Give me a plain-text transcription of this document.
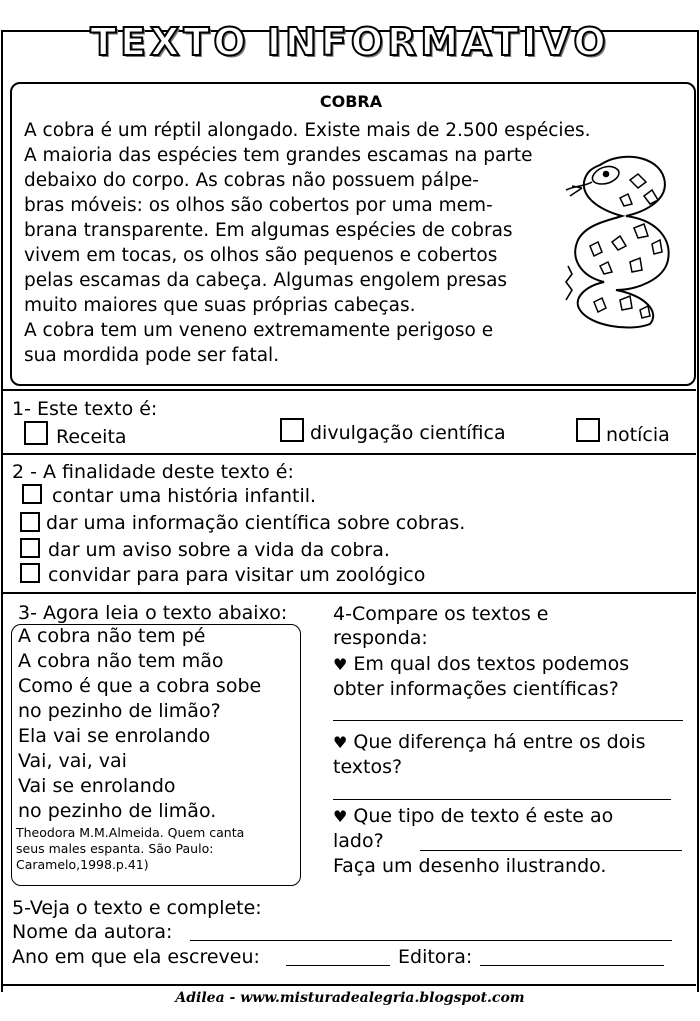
TEXTO INFORMATIVO
COBRA
A cobra é um réptil alongado. Existe mais de 2.500 espécies.
A maioria das espécies tem grandes escamas na parte
debaixo do corpo. As cobras não possuem pálpe-
bras móveis: os olhos são cobertos por uma mem-
brana transparente. Em algumas espécies de cobras
vivem em tocas, os olhos são pequenos e cobertos
pelas escamas da cabeça. Algumas engolem presas
muito maiores que suas próprias cabeças.
A cobra tem um veneno extremamente perigoso e
sua mordida pode ser fatal.
1- Este texto é:
Receita	divulgação científica	notícia
2 - A finalidade deste texto é:
contar uma história infantil.
dar uma informação científica sobre cobras.
dar um aviso sobre a vida da cobra.
convidar para para visitar um zoológico
3- Agora leia o texto abaixo:
A cobra não tem pé
A cobra não tem mão
Como é que a cobra sobe
no pezinho de limão?
Ela vai se enrolando
Vai, vai, vai
Vai se enrolando
no pezinho de limão.
Theodora M.M.Almeida. Quem canta
seus males espanta. São Paulo:
Caramelo,1998.p.41)
4-Compare os textos e
responda:
♥ Em qual dos textos podemos
obter informações científicas?
♥ Que diferença há entre os dois
textos?
♥ Que tipo de texto é este ao
lado?
Faça um desenho ilustrando.
5-Veja o texto e complete:
Nome da autora:
Ano em que ela escreveu:	Editora:
Adilea - www.misturadealegria.blogspot.com
